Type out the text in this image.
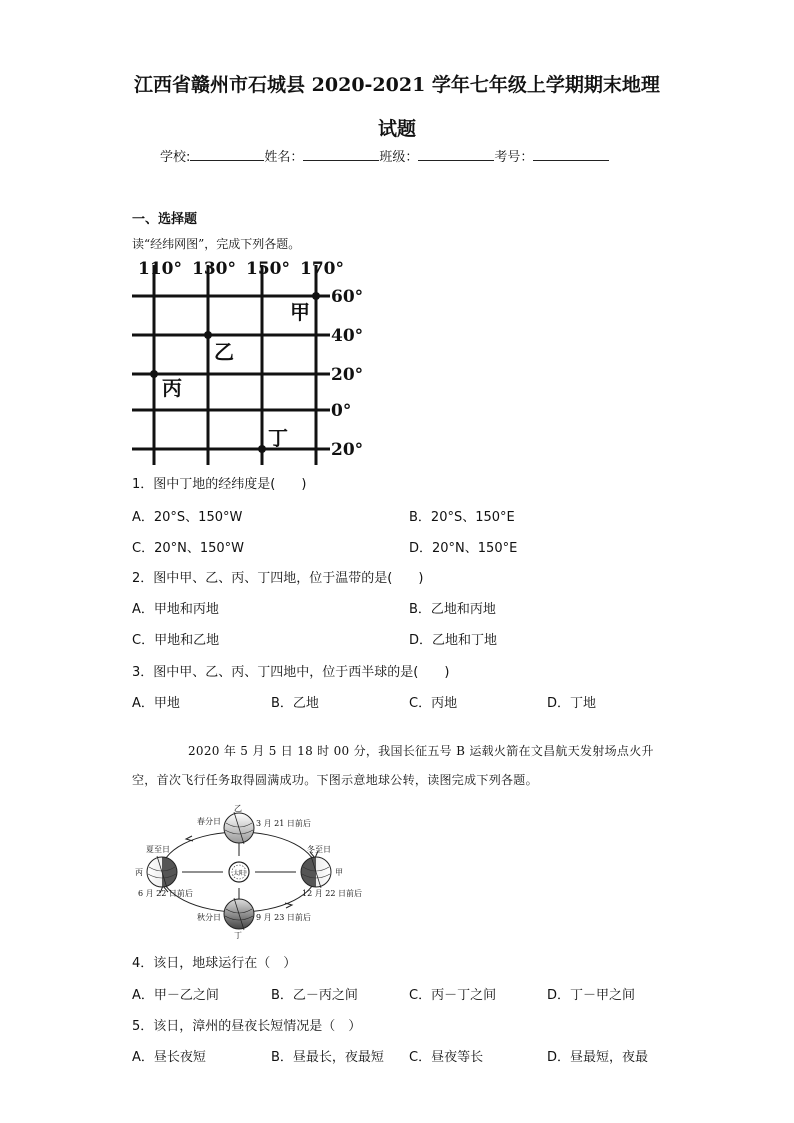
江西省赣州市石城县 2020-2021 学年七年级上学期期末地理
试题
学校:	姓名：	班级：	考号：
一、选择题
读“经纬网图”，完成下列各题。
110° 130° 150° 170°
60°
40°
20°
0°
20°
甲
乙
丙
丁
1．图中丁地的经纬度是(　　)
A．20°S、150°W	B．20°S、150°E
C．20°N、150°W	D．20°N、150°E
2．图中甲、乙、丙、丁四地，位于温带的是(　　)
A．甲地和丙地	B．乙地和丙地
C．甲地和乙地	D．乙地和丁地
3．图中甲、乙、丙、丁四地中，位于西半球的是(　　)
A．甲地	B．乙地	C．丙地	D．丁地
2020 年 5 月 5 日 18 时 00 分，我国长征五号 B 运载火箭在文昌航天发射场点火升空，首次飞行任务取得圆满成功。下图示意地球公转，读图完成下列各题。
太阳
乙
春分日	3 月 21 日前后
夏至日
丙
6 月 22 日前后
冬至日
甲
12 月 22 日前后
秋分日	9 月 23 日前后
丁
4．该日，地球运行在（　）
A．甲－乙之间	B．乙－丙之间	C．丙－丁之间	D．丁－甲之间
5．该日，漳州的昼夜长短情况是（　）
A．昼长夜短	B．昼最长，夜最短 C．昼夜等长	D．昼最短，夜最
